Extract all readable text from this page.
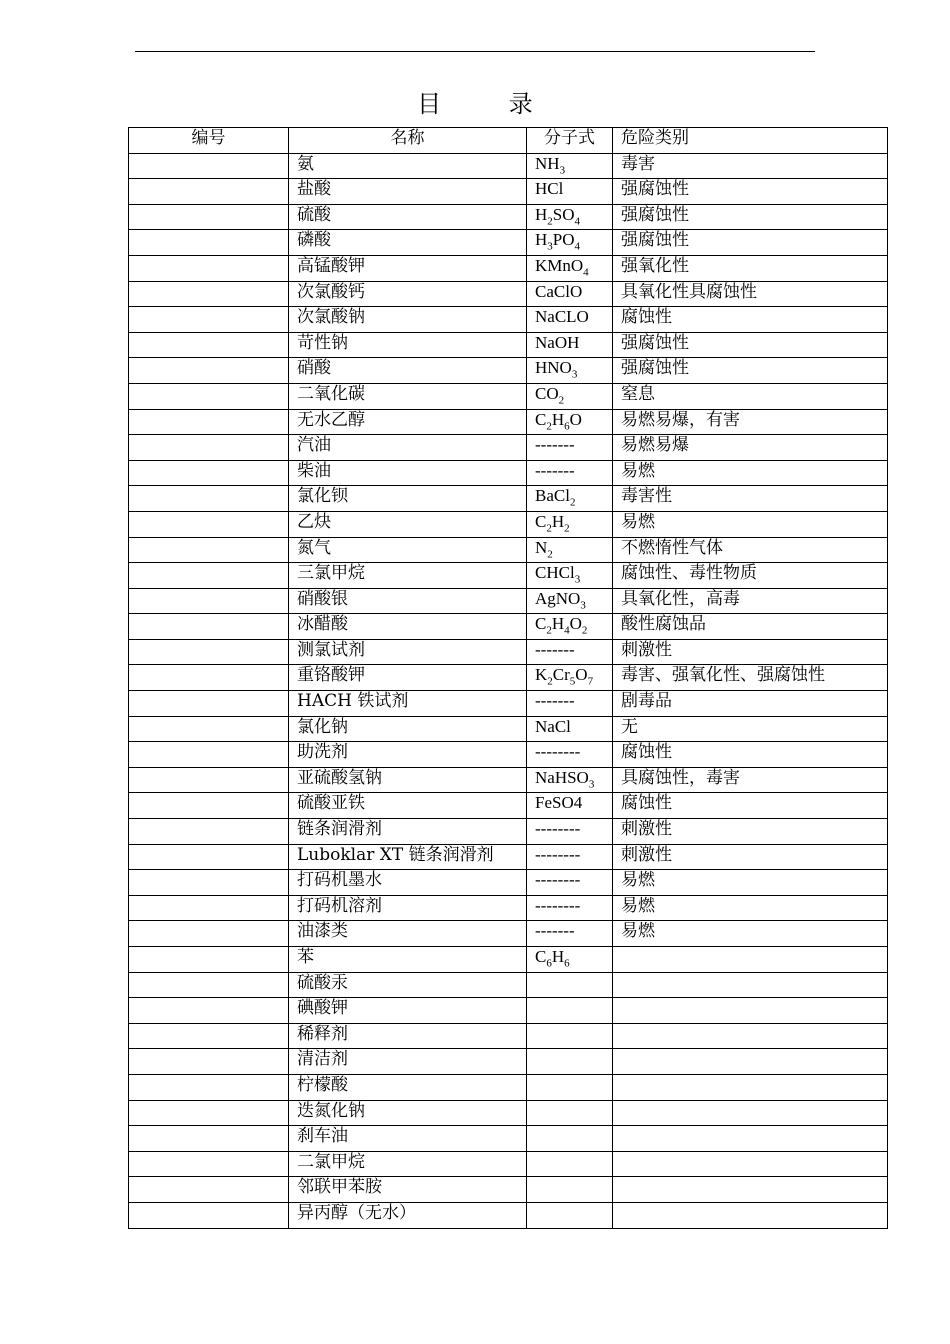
目 录
编号	名称	分子式	危险类别
	氨	$NH_3$	毒害
	盐酸	HCl	强腐蚀性
	硫酸	$H_2SO_4$	强腐蚀性
	磷酸	$H_3PO_4$	强腐蚀性
	高锰酸钾	KMnO$_4$	强氧化性
	次氯酸钙	CaClO	具氧化性具腐蚀性
	次氯酸钠	NaCLO	腐蚀性
	苛性钠	NaOH	强腐蚀性
	硝酸	$HNO_3$	强腐蚀性
	二氧化碳	$CO_2$	窒息
	无水乙醇	$C_2H_6O$	易燃易爆，有害
	汽油	-------	易燃易爆
	柴油	-------	易燃
	氯化钡	BaCl$_2$	毒害性
	乙炔	$C_2H_2$	易燃
	氮气	$N_2$	不燃惰性气体
	三氯甲烷	CHCl$_3$	腐蚀性、毒性物质
	硝酸银	AgNO$_3$	具氧化性，高毒
	冰醋酸	$C_2H_4O_2$	酸性腐蚀品
	测氯试剂	-------	刺激性
	重铬酸钾	$K_2Cr_5O_7$	毒害、强氧化性、强腐蚀性
	HACH 铁试剂	-------	剧毒品
	氯化钠	NaCl	无
	助洗剂	--------	腐蚀性
	亚硫酸氢钠	NaHSO$_3$	具腐蚀性，毒害
	硫酸亚铁	FeSO4	腐蚀性
	链条润滑剂	--------	刺激性
	Luboklar XT 链条润滑剂	--------	刺激性
	打码机墨水	--------	易燃
	打码机溶剂	--------	易燃
	油漆类	-------	易燃
	苯	$C_6H_6$	
	硫酸汞		
	碘酸钾		
	稀释剂		
	清洁剂		
	柠檬酸		
	迭氮化钠		
	刹车油		
	二氯甲烷		
	邻联甲苯胺		
	异丙醇（无水）		
